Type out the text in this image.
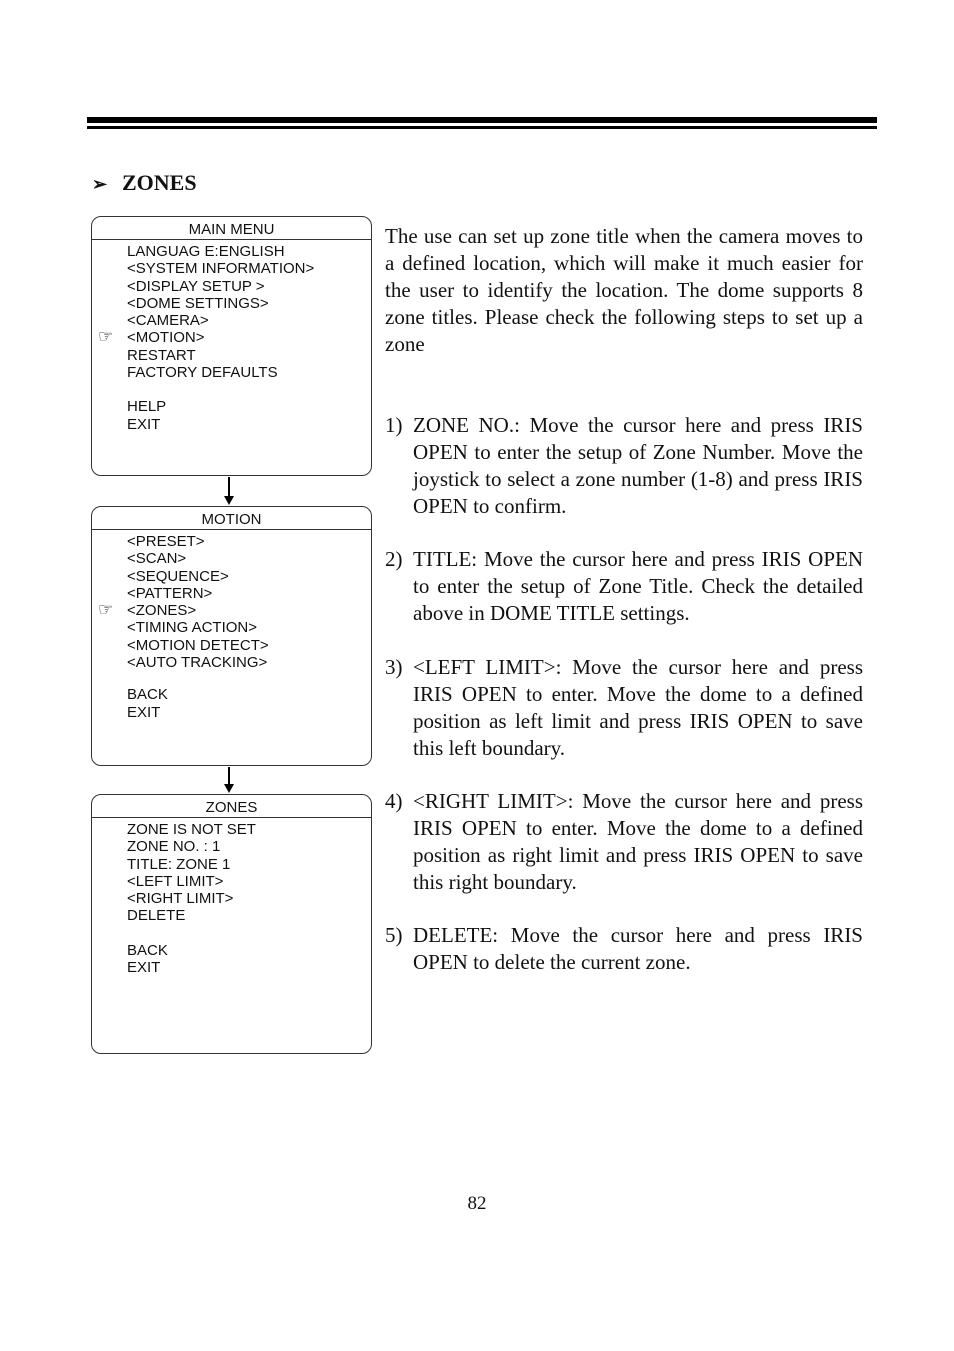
➢ ZONES
MAIN MENU
LANGUAG E:ENGLISH
<SYSTEM INFORMATION>
<DISPLAY SETUP >
<DOME SETTINGS>
<CAMERA>
☞ <MOTION>
RESTART
FACTORY DEFAULTS
HELP
EXIT
MOTION
<PRESET>
<SCAN>
<SEQUENCE>
<PATTERN>
☞ <ZONES>
<TIMING ACTION>
<MOTION DETECT>
<AUTO TRACKING>
BACK
EXIT
ZONES
ZONE IS NOT SET
ZONE NO. : 1
TITLE: ZONE 1
<LEFT LIMIT>
<RIGHT LIMIT>
DELETE
BACK
EXIT
The use can set up zone title when the camera moves to a defined location, which will make it much easier for the user to identify the location. The dome supports 8 zone titles. Please check the following steps to set up a zone
1) ZONE NO.: Move the cursor here and press IRIS OPEN to enter the setup of Zone Number. Move the joystick to select a zone number (1-8) and press IRIS OPEN to confirm.
2) TITLE: Move the cursor here and press IRIS OPEN to enter the setup of Zone Title. Check the detailed above in DOME TITLE settings.
3) <LEFT LIMIT>: Move the cursor here and press IRIS OPEN to enter. Move the dome to a defined position as left limit and press IRIS OPEN to save this left boundary.
4) <RIGHT LIMIT>: Move the cursor here and press IRIS OPEN to enter. Move the dome to a defined position as right limit and press IRIS OPEN to save this right boundary.
5) DELETE: Move the cursor here and press IRIS OPEN to delete the current zone.
82
